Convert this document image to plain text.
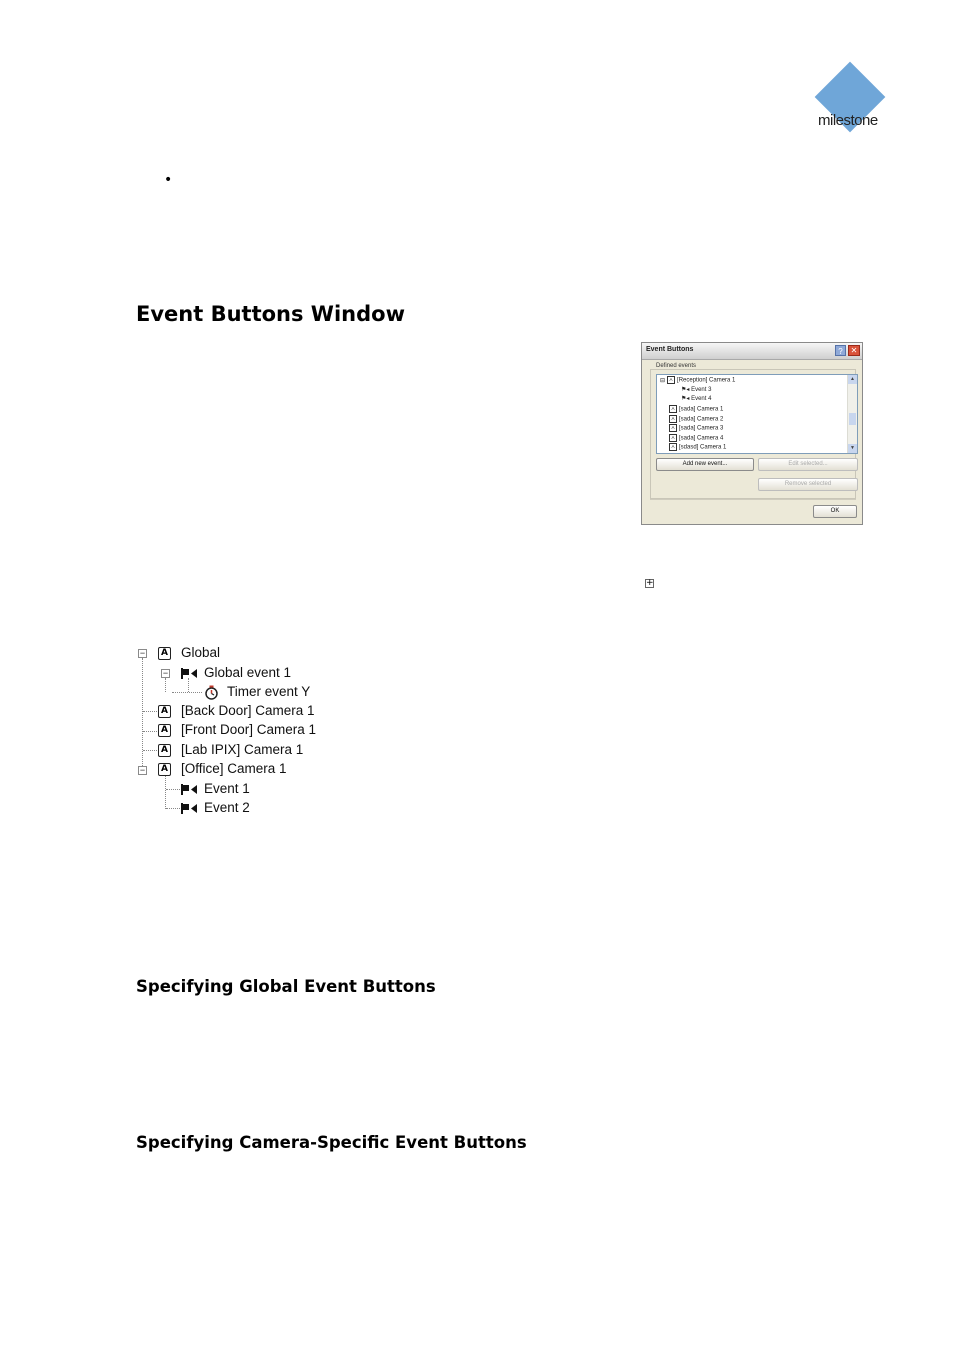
milestone
•
Event Buttons Window
Event Buttons	? ✕
Defined events
⊟ A [Reception] Camera 1
⚑◂ Event 3
⚑◂ Event 4
A [sada] Camera 1
A [sada] Camera 2
A [sada] Camera 3
A [sada] Camera 4
A [sdasd] Camera 1
▲
▼
Add new event...	Edit selected...
Remove selected
OK
+
−	A Global
−	Global event 1
Timer event Y
A [Back Door] Camera 1
A [Front Door] Camera 1
A [Lab IPIX] Camera 1
−	A [Office] Camera 1
Event 1
Event 2
Specifying Global Event Buttons
Specifying Camera-Specific Event Buttons
